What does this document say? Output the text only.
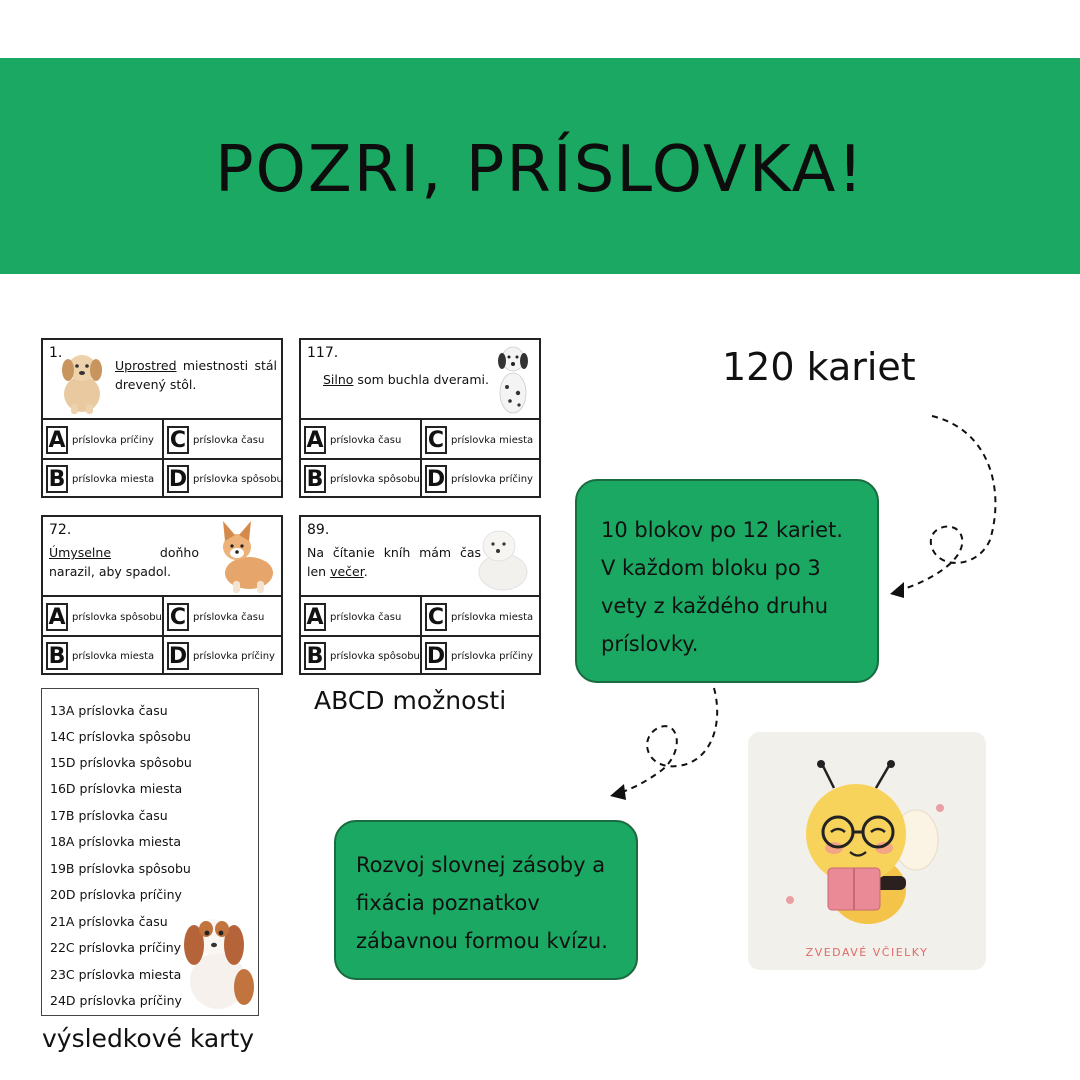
POZRI, PRÍSLOVKA!
1.
Uprostred miestnosti stál drevený stôl.
A príslovka príčiny C príslovka času
B príslovka miesta D príslovka spôsobu
117.
Silno som buchla dverami.
A príslovka času C príslovka miesta
B príslovka spôsobu D príslovka príčiny
72.
Úmyselne doňho narazil, aby spadol.
A príslovka spôsobu C príslovka času
B príslovka miesta D príslovka príčiny
89.
Na čítanie kníh mám čas len večer.
A príslovka času C príslovka miesta
B príslovka spôsobu D príslovka príčiny
13A príslovka času
14C príslovka spôsobu
15D príslovka spôsobu
16D príslovka miesta
17B príslovka času
18A príslovka miesta
19B príslovka spôsobu
20D príslovka príčiny
21A príslovka času
22C príslovka príčiny
23C príslovka miesta
24D príslovka príčiny
ABCD možnosti
výsledkové karty
120 kariet

10 blokov po 12 kariet.

V každom bloku po 3

vety z každého druhu

príslovky.

Rozvoj slovnej zásoby a

fixácia poznatkov

zábavnou formou kvízu.	ZVEDAVÉ VČIELKY
